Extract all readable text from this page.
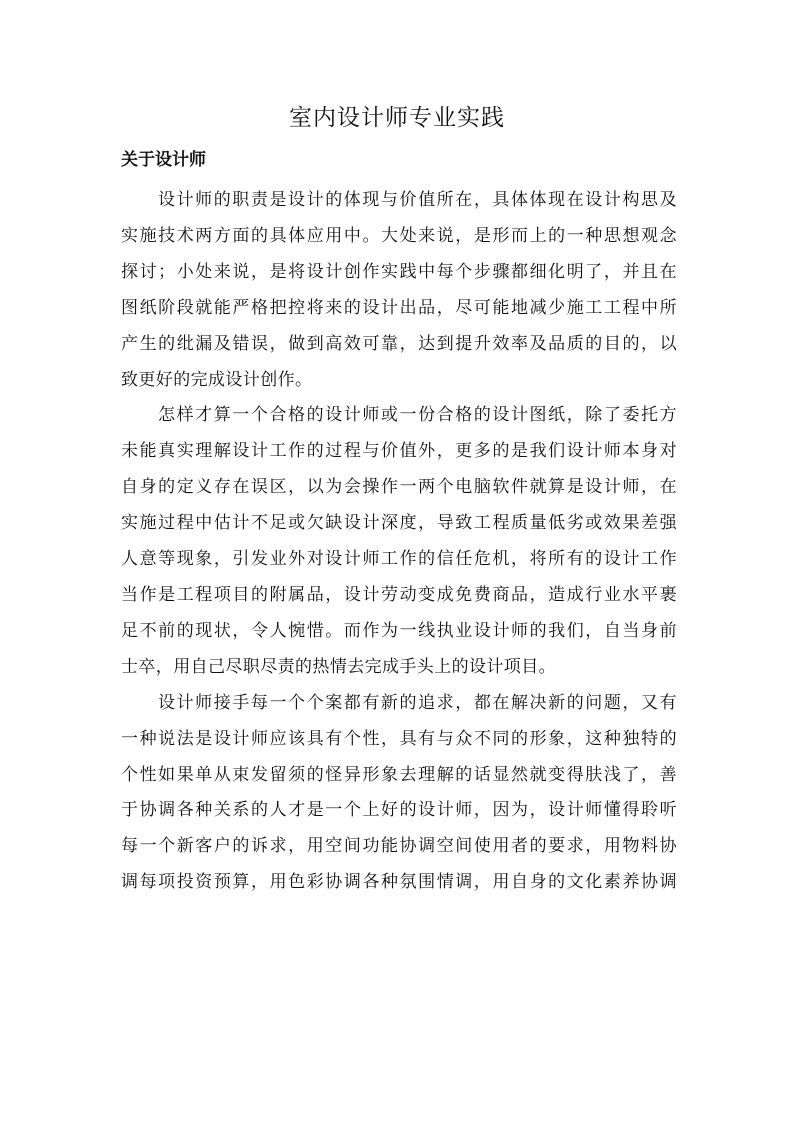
室内设计师专业实践
关于设计师

设计师的职责是设计的体现与价值所在，具体体现在设计构思及
实施技术两方面的具体应用中。大处来说，是形而上的一种思想观念
探讨；小处来说，是将设计创作实践中每个步骤都细化明了，并且在
图纸阶段就能严格把控将来的设计出品，尽可能地减少施工工程中所
产生的纰漏及错误，做到高效可靠，达到提升效率及品质的目的，以
致更好的完成设计创作。

怎样才算一个合格的设计师或一份合格的设计图纸，除了委托方
未能真实理解设计工作的过程与价值外，更多的是我们设计师本身对
自身的定义存在误区，以为会操作一两个电脑软件就算是设计师，在
实施过程中估计不足或欠缺设计深度，导致工程质量低劣或效果差强
人意等现象，引发业外对设计师工作的信任危机，将所有的设计工作
当作是工程项目的附属品，设计劳动变成免费商品，造成行业水平裹
足不前的现状，令人惋惜。而作为一线执业设计师的我们，自当身前
士卒，用自己尽职尽责的热情去完成手头上的设计项目。

设计师接手每一个个案都有新的追求，都在解决新的问题，又有
一种说法是设计师应该具有个性，具有与众不同的形象，这种独特的
个性如果单从束发留须的怪异形象去理解的话显然就变得肤浅了，善
于协调各种关系的人才是一个上好的设计师，因为，设计师懂得聆听
每一个新客户的诉求，用空间功能协调空间使用者的要求，用物料协
调每项投资预算，用色彩协调各种氛围情调，用自身的文化素养协调
